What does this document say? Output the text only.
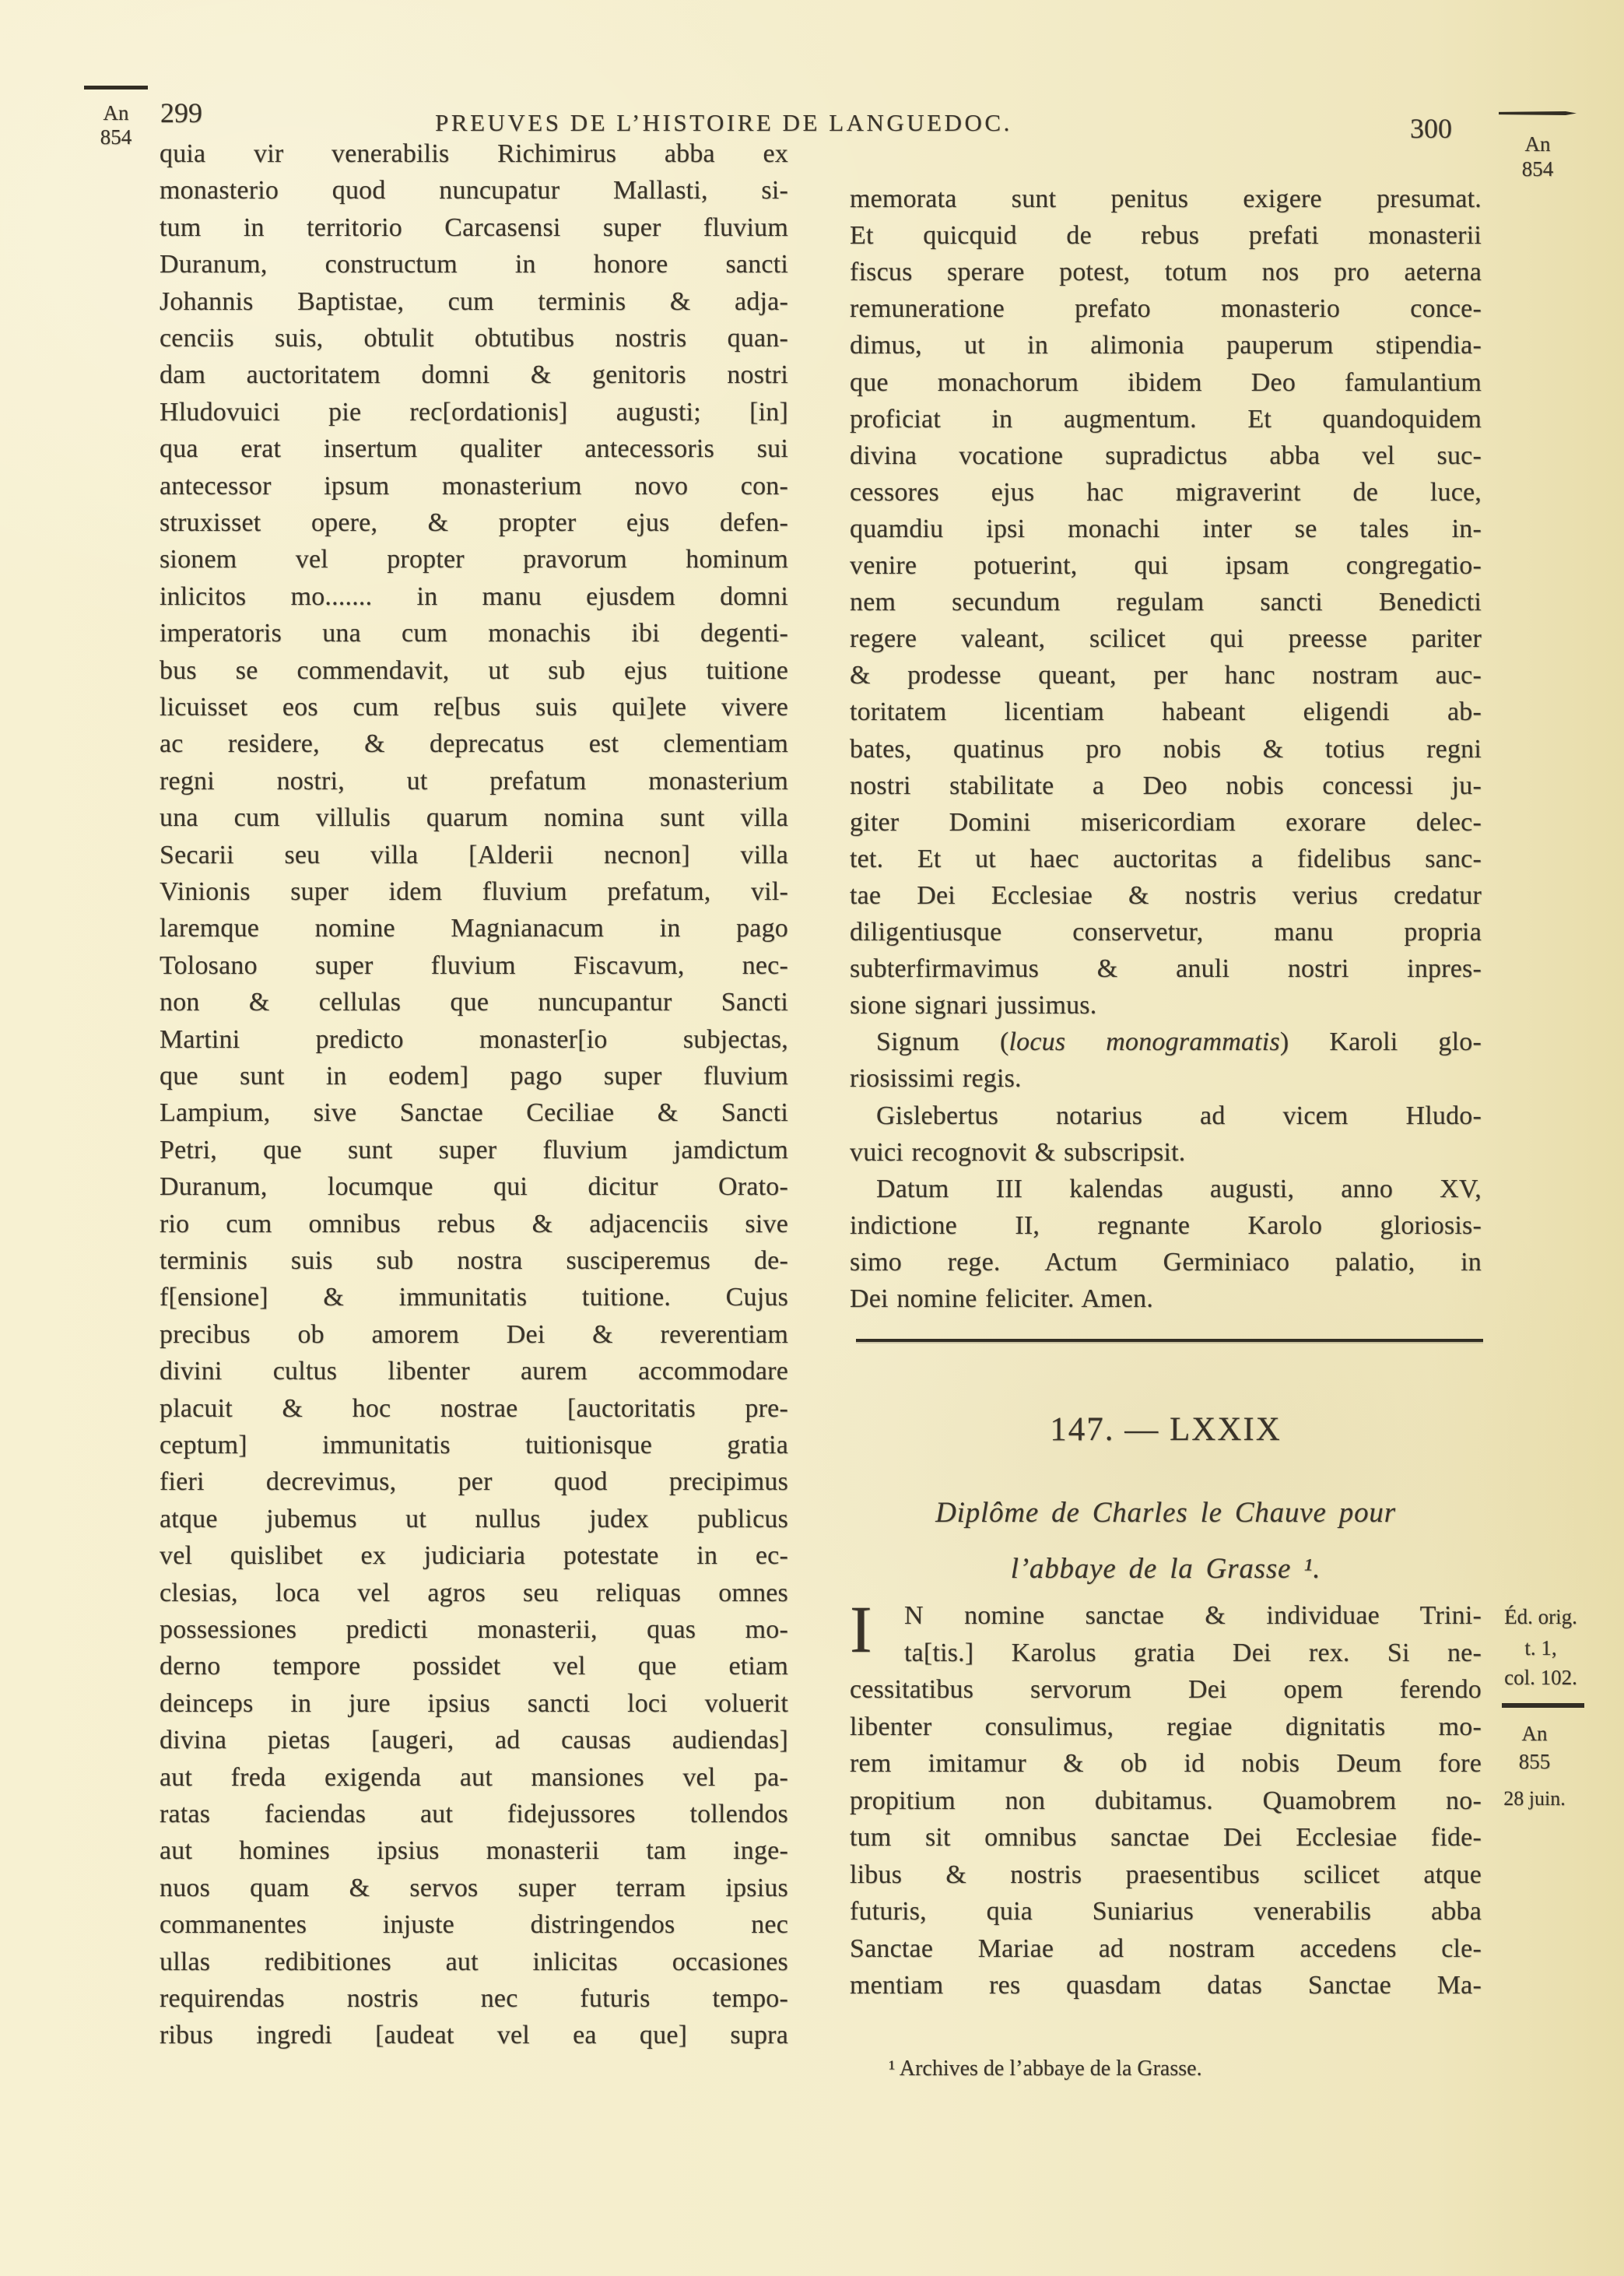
An
854
299	PREUVES DE L’HISTOIRE DE LANGUEDOC.	300	An
854
quia vir venerabilis Richimirus abba ex
monasterio quod nuncupatur Mallasti, si-
tum in territorio Carcasensi super fluvium
Duranum, constructum in honore sancti
Johannis Baptistae, cum terminis & adja-
cenciis suis, obtulit obtutibus nostris quan-
dam auctoritatem domni & genitoris nostri
Hludovuici pie rec[ordationis] augusti; [in]
qua erat insertum qualiter antecessoris sui
antecessor ipsum monasterium novo con-
struxisset opere, & propter ejus defen-
sionem vel propter pravorum hominum
inlicitos mo....... in manu ejusdem domni
imperatoris una cum monachis ibi degenti-
bus se commendavit, ut sub ejus tuitione
licuisset eos cum re[bus suis qui]ete vivere
ac residere, & deprecatus est clementiam
regni nostri, ut prefatum monasterium
una cum villulis quarum nomina sunt villa
Secarii seu villa [Alderii necnon] villa
Vinionis super idem fluvium prefatum, vil-
laremque nomine Magnianacum in pago
Tolosano super fluvium Fiscavum, nec-
non & cellulas que nuncupantur Sancti
Martini predicto monaster[io subjectas,
que sunt in eodem] pago super fluvium
Lampium, sive Sanctae Ceciliae & Sancti
Petri, que sunt super fluvium jamdictum
Duranum, locumque qui dicitur Orato-
rio cum omnibus rebus & adjacenciis sive
terminis suis sub nostra susciperemus de-
f[ensione] & immunitatis tuitione. Cujus
precibus ob amorem Dei & reverentiam
divini cultus libenter aurem accommodare
placuit & hoc nostrae [auctoritatis pre-
ceptum] immunitatis tuitionisque gratia
fieri decrevimus, per quod precipimus
atque jubemus ut nullus judex publicus
vel quislibet ex judiciaria potestate in ec-
clesias, loca vel agros seu reliquas omnes
possessiones predicti monasterii, quas mo-
derno tempore possidet vel que etiam
deinceps in jure ipsius sancti loci voluerit
divina pietas [augeri, ad causas audiendas]
aut freda exigenda aut mansiones vel pa-
ratas faciendas aut fidejussores tollendos
aut homines ipsius monasterii tam inge-
nuos quam & servos super terram ipsius
commanentes injuste distringendos nec
ullas redibitiones aut inlicitas occasiones
requirendas nostris nec futuris tempo-
ribus ingredi [audeat vel ea que] supra
memorata sunt penitus exigere presumat.
Et quicquid de rebus prefati monasterii
fiscus sperare potest, totum nos pro aeterna
remuneratione prefato monasterio conce-
dimus, ut in alimonia pauperum stipendia-
que monachorum ibidem Deo famulantium
proficiat in augmentum. Et quandoquidem
divina vocatione supradictus abba vel suc-
cessores ejus hac migraverint de luce,
quamdiu ipsi monachi inter se tales in-
venire potuerint, qui ipsam congregatio-
nem secundum regulam sancti Benedicti
regere valeant, scilicet qui preesse pariter
& prodesse queant, per hanc nostram auc-
toritatem licentiam habeant eligendi ab-
bates, quatinus pro nobis & totius regni
nostri stabilitate a Deo nobis concessi ju-
giter Domini misericordiam exorare delec-
tet. Et ut haec auctoritas a fidelibus sanc-
tae Dei Ecclesiae & nostris verius credatur
diligentiusque conservetur, manu propria
subterfirmavimus & anuli nostri inpres-
sione signari jussimus.
Signum (locus monogrammatis) Karoli glo-
riosissimi regis.
Gislebertus notarius ad vicem Hludo-
vuici recognovit & subscripsit.
Datum III kalendas augusti, anno XV,
indictione II, regnante Karolo gloriosis-
simo rege. Actum Germiniaco palatio, in
Dei nomine feliciter. Amen.
147. — LXXIX
Diplôme de Charles le Chauve pour
l’abbaye de la Grasse ¹.
I	N nomine sanctae & individuae Trini-
ta[tis.] Karolus gratia Dei rex. Si ne-
cessitatibus servorum Dei opem ferendo
libenter consulimus, regiae dignitatis mo-
rem imitamur & ob id nobis Deum fore
propitium non dubitamus. Quamobrem no-
tum sit omnibus sanctae Dei Ecclesiae fide-
libus & nostris praesentibus scilicet atque
futuris, quia Suniarius venerabilis abba
Sanctae Mariae ad nostram accedens cle-
mentiam res quasdam datas Sanctae Ma-
Éd. orig.
t. 1,
col. 102.
An
855
28 juin.
¹ Archives de l’abbaye de la Grasse.
